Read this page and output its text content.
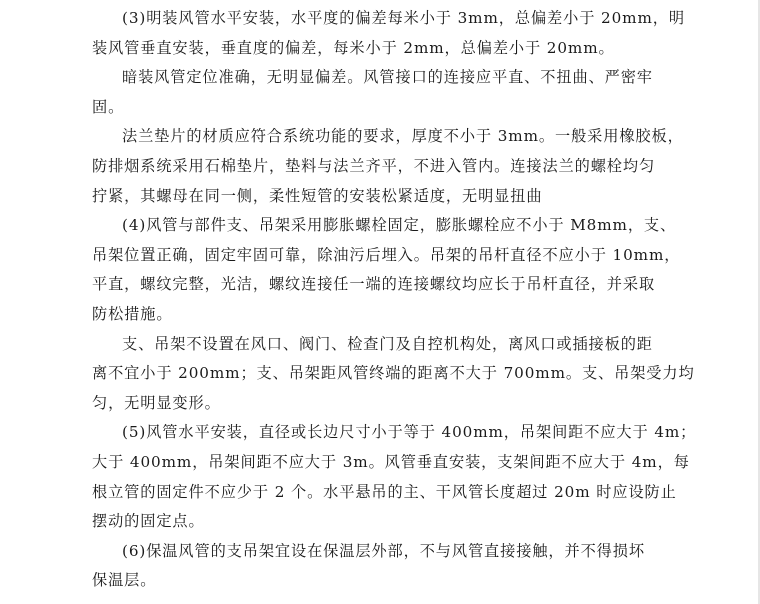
(3)明装风管水平安装，水平度的偏差每米小于 3mm，总偏差小于 20mm，明
装风管垂直安装，垂直度的偏差，每米小于 2mm，总偏差小于 20mm。

暗装风管定位准确，无明显偏差。风管接口的连接应平直、不扭曲、严密牢
固。

法兰垫片的材质应符合系统功能的要求，厚度不小于 3mm。一般采用橡胶板，
防排烟系统采用石棉垫片，垫料与法兰齐平，不进入管内。连接法兰的螺栓均匀
拧紧，其螺母在同一侧，柔性短管的安装松紧适度，无明显扭曲

(4)风管与部件支、吊架采用膨胀螺栓固定，膨胀螺栓应不小于 M8mm，支、
吊架位置正确，固定牢固可靠，除油污后埋入。吊架的吊杆直径不应小于 10mm，
平直，螺纹完整，光洁，螺纹连接任一端的连接螺纹均应长于吊杆直径，并采取
防松措施。

支、吊架不设置在风口、阀门、检查门及自控机构处，离风口或插接板的距
离不宜小于 200mm；支、吊架距风管终端的距离不大于 700mm。支、吊架受力均
匀，无明显变形。

(5)风管水平安装，直径或长边尺寸小于等于 400mm，吊架间距不应大于 4m；
大于 400mm，吊架间距不应大于 3m。风管垂直安装，支架间距不应大于 4m，每
根立管的固定件不应少于 2 个。水平悬吊的主、干风管长度超过 20m 时应设防止
摆动的固定点。

(6)保温风管的支吊架宜设在保温层外部，不与风管直接接触，并不得损坏
保温层。
